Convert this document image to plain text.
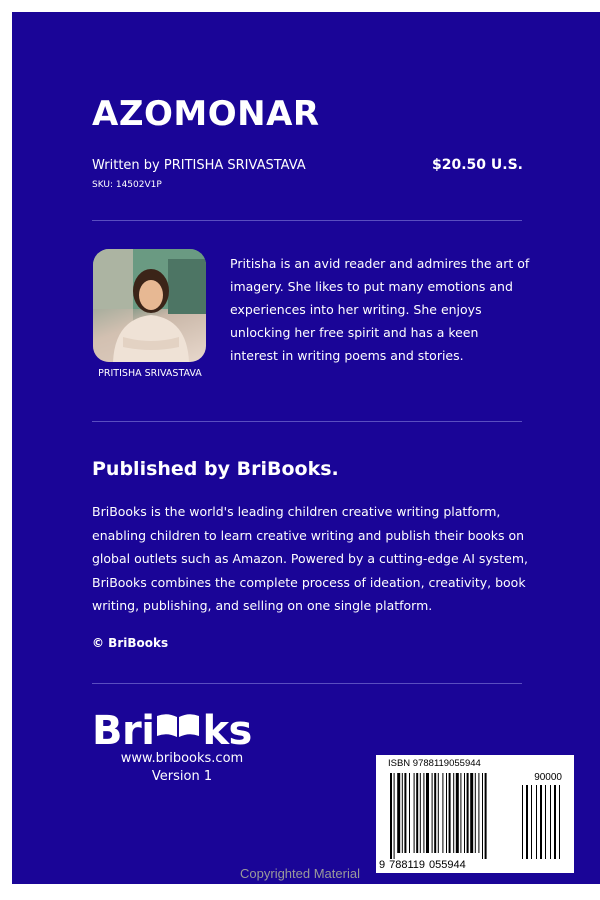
AZOMONAR
Written by PRITISHA SRIVASTAVA	$20.50 U.S.
SKU: 14502V1P
PRITISHA SRIVASTAVA
Pritisha is an avid reader and admires the art of imagery. She likes to put many emotions and experiences into her writing. She enjoys unlocking her free spirit and has a keen interest in writing poems and stories.
Published by BriBooks.
BriBooks is the world's leading children creative writing platform, enabling children to learn creative writing and publish their books on global outlets such as Amazon. Powered by a cutting-edge AI system, BriBooks combines the complete process of ideation, creativity, book writing, publishing, and selling on one single platform.
© BriBooks
Bri ks
www.bribooks.com
Version 1
ISBN 9788119055944
90000
9 788119 055944
Copyrighted Material
